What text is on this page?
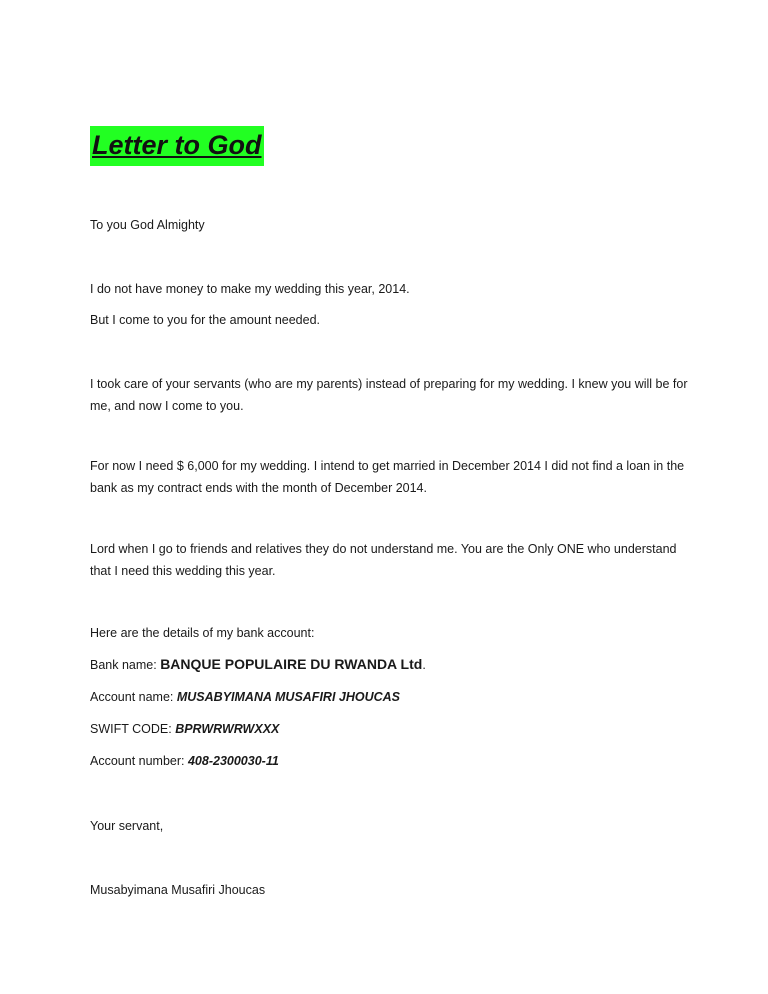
Letter to God

To you God Almighty

I do not have money to make my wedding this year, 2014.

But I come to you for the amount needed.

I took care of your servants (who are my parents) instead of preparing for my wedding. I knew you will be for me, and now I come to you.

For now I need $ 6,000 for my wedding. I intend to get married in December 2014 I did not find a loan in the bank as my contract ends with the month of December 2014.

Lord when I go to friends and relatives they do not understand me. You are the Only ONE who understand that I need this wedding this year.

Here are the details of my bank account:

Bank name: BANQUE POPULAIRE DU RWANDA Ltd.

Account name: MUSABYIMANA MUSAFIRI JHOUCAS

SWIFT CODE: BPRWRWRWXXX

Account number: 408-2300030-11

Your servant,

Musabyimana Musafiri Jhoucas
